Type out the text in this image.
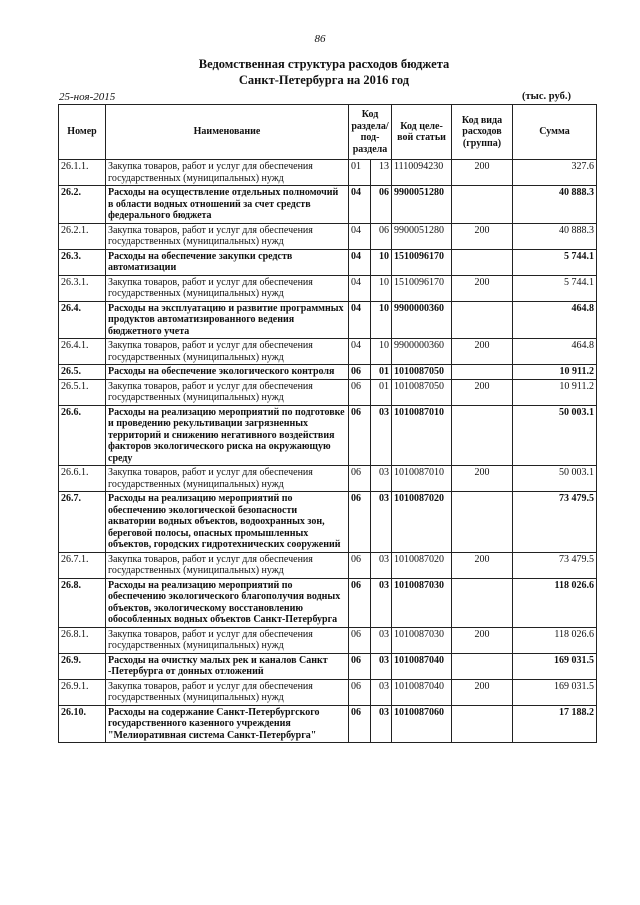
86
Ведомственная структура расходов бюджета
Санкт-Петербурга на 2016 год
25-ноя-2015	(тыс. руб.)
Номер	Наименование	Код раздела/ под-раздела		Код целе-вой статьи	Код вида расходов (группа)	Сумма
26.1.1.	Закупка товаров, работ и услуг для обеспечения государственных (муниципальных) нужд	01	13	1110094230	200	327.6
26.2.	Расходы на осуществление отдельных полномочий в области водных отношений за счет средств федерального бюджета	04	06	9900051280		40 888.3
26.2.1.	Закупка товаров, работ и услуг для обеспечения государственных (муниципальных) нужд	04	06	9900051280	200	40 888.3
26.3.	Расходы на обеспечение закупки средств автоматизации	04	10	1510096170		5 744.1
26.3.1.	Закупка товаров, работ и услуг для обеспечения государственных (муниципальных) нужд	04	10	1510096170	200	5 744.1
26.4.	Расходы на эксплуатацию и развитие программных продуктов автоматизированного ведения бюджетного учета	04	10	9900000360		464.8
26.4.1.	Закупка товаров, работ и услуг для обеспечения государственных (муниципальных) нужд	04	10	9900000360	200	464.8
26.5.	Расходы на обеспечение экологического контроля	06	01	1010087050		10 911.2
26.5.1.	Закупка товаров, работ и услуг для обеспечения государственных (муниципальных) нужд	06	01	1010087050	200	10 911.2
26.6.	Расходы на реализацию мероприятий по подготовке и проведению рекультивации загрязненных территорий и снижению негативного воздействия факторов экологического риска на окружающую среду	06	03	1010087010		50 003.1
26.6.1.	Закупка товаров, работ и услуг для обеспечения государственных (муниципальных) нужд	06	03	1010087010	200	50 003.1
26.7.	Расходы на реализацию мероприятий по обеспечению экологической безопасности акватории водных объектов, водоохранных зон, береговой полосы, опасных промышленных объектов, городских гидротехнических сооружений	06	03	1010087020		73 479.5
26.7.1.	Закупка товаров, работ и услуг для обеспечения государственных (муниципальных) нужд	06	03	1010087020	200	73 479.5
26.8.	Расходы на реализацию мероприятий по обеспечению экологического благополучия водных объектов, экологическому восстановлению обособленных водных объектов Санкт-Петербурга	06	03	1010087030		118 026.6
26.8.1.	Закупка товаров, работ и услуг для обеспечения государственных (муниципальных) нужд	06	03	1010087030	200	118 026.6
26.9.	Расходы на очистку малых рек и каналов Санкт -Петербурга от донных отложений	06	03	1010087040		169 031.5
26.9.1.	Закупка товаров, работ и услуг для обеспечения государственных (муниципальных) нужд	06	03	1010087040	200	169 031.5
26.10.	Расходы на содержание Санкт-Петербургского государственного казенного учреждения "Мелиоративная система Санкт-Петербурга"	06	03	1010087060		17 188.2
